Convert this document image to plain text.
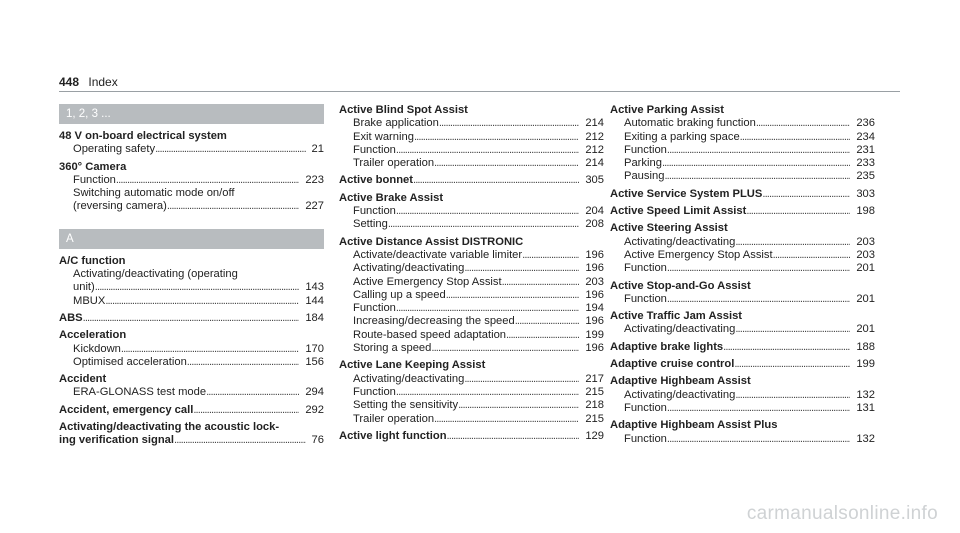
448 Index
1, 2, 3 ...
48 V on-board electrical system
Operating safety . . .	21
360° Camera
Function . . .	223
Switching automatic mode on/off
(reversing camera) . . .	227
A
A/C function
Activating/deactivating (operating
unit) . . .	143
MBUX . . .	144
ABS . . .	184
Acceleration
Kickdown . . .	170
Optimised acceleration . . .	156
Accident
ERA-GLONASS test mode . . .	294
Accident, emergency call . . .	292
Activating/deactivating the acoustic lock-
ing verification signal . . .	76
Active Blind Spot Assist
Brake application . . .	214
Exit warning . . .	212
Function . . .	212
Trailer operation . . .	214
Active bonnet . . .	305
Active Brake Assist
Function . . .	204
Setting . . .	208
Active Distance Assist DISTRONIC
Activate/deactivate variable limiter . . .	196
Activating/deactivating . . .	196
Active Emergency Stop Assist . . .	203
Calling up a speed . . .	196
Function . . .	194
Increasing/decreasing the speed . . .	196
Route-based speed adaptation . . .	199
Storing a speed . . .	196
Active Lane Keeping Assist
Activating/deactivating . . .	217
Function . . .	215
Setting the sensitivity . . .	218
Trailer operation . . .	215
Active light function . . .	129
Active Parking Assist
Automatic braking function . . .	236
Exiting a parking space . . .	234
Function . . .	231
Parking . . .	233
Pausing . . .	235
Active Service System PLUS . . .	303
Active Speed Limit Assist . . .	198
Active Steering Assist
Activating/deactivating . . .	203
Active Emergency Stop Assist . . .	203
Function . . .	201
Active Stop-and-Go Assist
Function . . .	201
Active Traffic Jam Assist
Activating/deactivating . . .	201
Adaptive brake lights . . .	188
Adaptive cruise control . . .	199
Adaptive Highbeam Assist
Activating/deactivating . . .	132
Function . . .	131
Adaptive Highbeam Assist Plus
Function . . .	132
carmanualsonline.info
